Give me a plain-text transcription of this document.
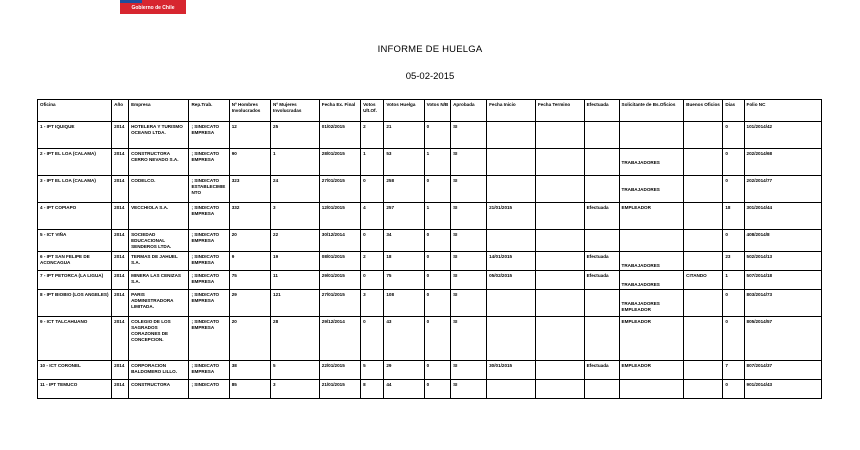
Gobierno de Chile
INFORME DE HUELGA
05-02-2015
Oficina	Año	Empresa	Rep.Trab.	Nº Hombres Involucrados	Nº Mujeres Involucradas	Fecha Ex. Final	Votos Ult.Of.	Votos Huelga	Votos N/B	Aprobada	Fecha Inicio	Fecha Termino	Efectuada	Solicitante de Bs.Oficios	Buenos Oficios	Dias	Folio NC
1 - IPT IQUIQUE	2014	HOTELERA Y TURISMO OCEANO LTDA.	; SINDICATO EMPRESA	12	25	01/02/2015	2	21	0	SI						0	101/2014/42
2 - IPT EL LOA (CALAMA)	2014	CONSTRUCTORA CERRO NEVADO S.A.	; SINDICATO EMPRESA	90	1	28/01/2015	1	53	1	SI				TRABAJADORES		0	202/2014/68
3 - IPT EL LOA (CALAMA)	2014	CODELCO.	; SINDICATO ESTABLECIMIENTO	323	24	27/01/2015	0	258	0	SI				TRABAJADORES		0	202/2014/77
4 - IPT COPIAPO	2014	VECCHIOLA S.A.	; SINDICATO EMPRESA	332	3	12/01/2015	4	257	1	SI	21/01/2015		Efectuada	EMPLEADOR		18	301/2014/44
5 - ICT VIÑA	2014	SOCIEDAD EDUCACIONAL SENDEROS LTDA.	; SINDICATO EMPRESA	20	22	30/12/2014	0	34	0	SI						0	408/2014/8
6 - IPT SAN FELIPE DE ACONCAGUA	2014	TERMAS DE JAHUEL S.A.	; SINDICATO EMPRESA	9	19	08/01/2015	2	18	0	SI	14/01/2015		Efectuada	TRABAJADORES		23	502/2014/13
7 - IPT PETORCA (LA LIGUA)	2014	MINERA LAS CENIZAS S.A.	; SINDICATO EMPRESA	75	11	29/01/2015	0	75	0	SI	05/02/2015		Efectuada	TRABAJADORES	CITANDO	1	507/2014/18
8 - IPT BIOBIO (LOS ANGELES)	2014	PARIS ADMINISTRADORA LIMITADA.	; SINDICATO EMPRESA	29	121	27/01/2015	3	108	0	SI				TRABAJADORES EMPLEADOR		0	803/2014/73
9 - ICT TALCAHUANO	2014	COLEGIO DE LOS SAGRADOS CORAZONES DE CONCEPCION.	; SINDICATO EMPRESA	20	28	29/12/2014	0	43	0	SI				EMPLEADOR		0	805/2014/57
10 - ICT CORONEL	2014	CORPORACION BALDOMERO LILLO.	; SINDICATO EMPRESA	38	5	22/01/2015	5	29	0	SI	30/01/2015		Efectuada	EMPLEADOR		7	807/2014/37
11 - IPT TEMUCO	2014	CONSTRUCTORA	; SINDICATO	85	3	21/01/2015	8	44	0	SI						0	901/2014/43
